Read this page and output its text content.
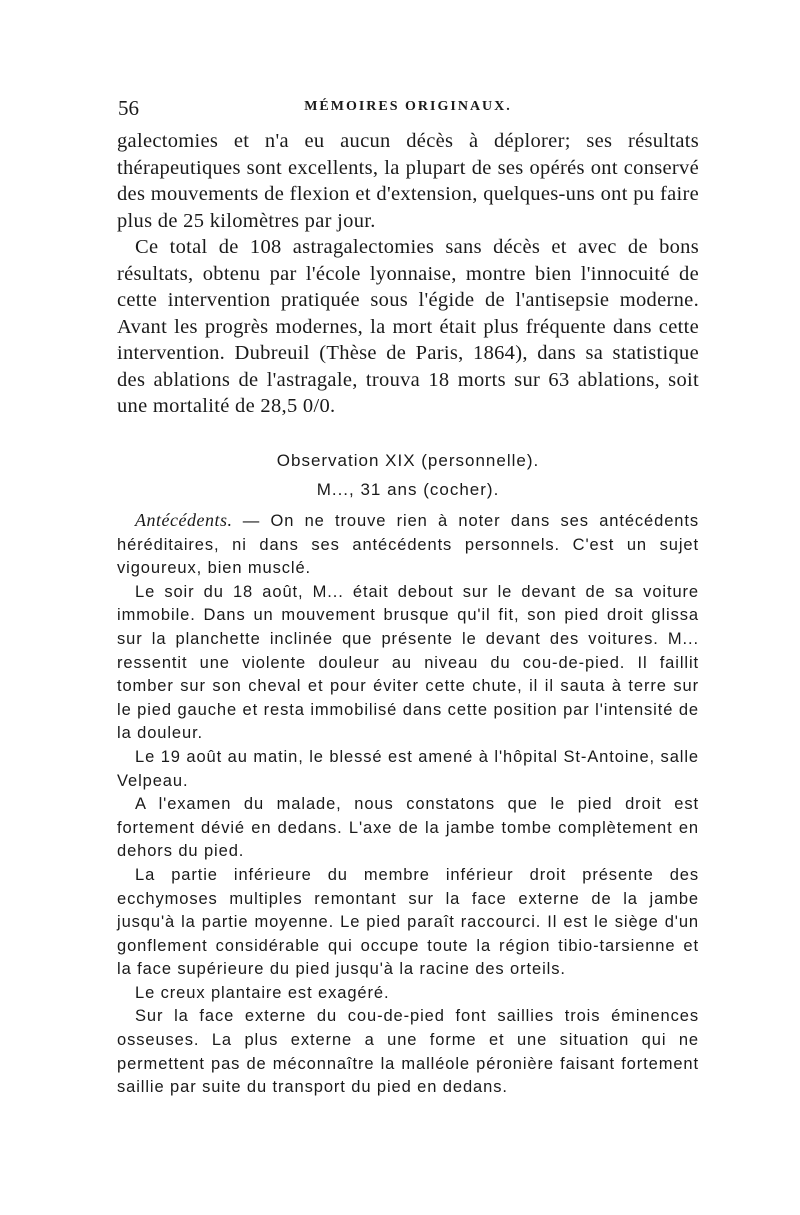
56	MÉMOIRES ORIGINAUX.

galectomies et n'a eu aucun décès à déplorer; ses résultats thérapeutiques sont excellents, la plupart de ses opérés ont conservé des mouvements de flexion et d'extension, quelques-uns ont pu faire plus de 25 kilomètres par jour.

Ce total de 108 astragalectomies sans décès et avec de bons résultats, obtenu par l'école lyonnaise, montre bien l'innocuité de cette intervention pratiquée sous l'égide de l'antisepsie moderne. Avant les progrès modernes, la mort était plus fréquente dans cette intervention. Dubreuil (Thèse de Paris, 1864), dans sa statistique des ablations de l'astragale, trouva 18 morts sur 63 ablations, soit une mortalité de 28,5 0/0.

Observation XIX (personnelle).
M..., 31 ans (cocher).

Antécédents. — On ne trouve rien à noter dans ses antécédents héréditaires, ni dans ses antécédents personnels. C'est un sujet vigoureux, bien musclé.

Le soir du 18 août, M... était debout sur le devant de sa voiture immobile. Dans un mouvement brusque qu'il fit, son pied droit glissa sur la planchette inclinée que présente le devant des voitures. M... ressentit une violente douleur au niveau du cou-de-pied. Il faillit tomber sur son cheval et pour éviter cette chute, il il sauta à terre sur le pied gauche et resta immobilisé dans cette position par l'intensité de la douleur.

Le 19 août au matin, le blessé est amené à l'hôpital St-Antoine, salle Velpeau.

A l'examen du malade, nous constatons que le pied droit est fortement dévié en dedans. L'axe de la jambe tombe complètement en dehors du pied.

La partie inférieure du membre inférieur droit présente des ecchymoses multiples remontant sur la face externe de la jambe jusqu'à la partie moyenne. Le pied paraît raccourci. Il est le siège d'un gonflement considérable qui occupe toute la région tibio-tarsienne et la face supérieure du pied jusqu'à la racine des orteils.

Le creux plantaire est exagéré.

Sur la face externe du cou-de-pied font saillies trois éminences osseuses. La plus externe a une forme et une situation qui ne permettent pas de méconnaître la malléole péronière faisant fortement saillie par suite du transport du pied en dedans.
